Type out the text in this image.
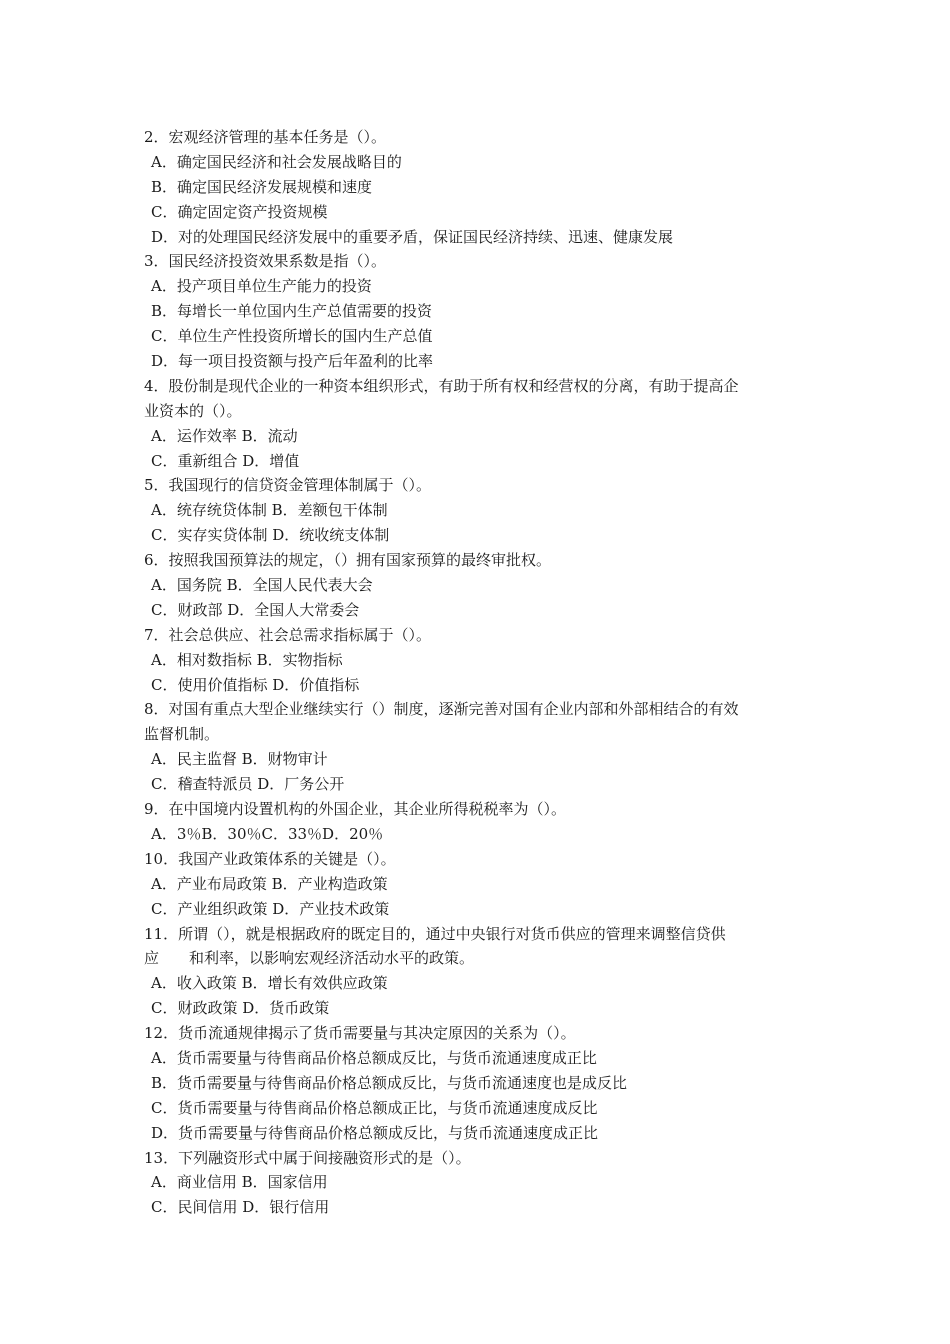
2．宏观经济管理的基本任务是（）。
A．确定国民经济和社会发展战略目的
B．确定国民经济发展规模和速度
C．确定固定资产投资规模
D．对的处理国民经济发展中的重要矛盾，保证国民经济持续、迅速、健康发展
3．国民经济投资效果系数是指（）。
A．投产项目单位生产能力的投资
B．每增长一单位国内生产总值需要的投资
C．单位生产性投资所增长的国内生产总值
D．每一项目投资额与投产后年盈利的比率
4．股份制是现代企业的一种资本组织形式，有助于所有权和经营权的分离，有助于提高企
业资本的（）。
A．运作效率 B．流动
C．重新组合 D．增值
5．我国现行的信贷资金管理体制属于（）。
A．统存统贷体制 B．差额包干体制
C．实存实贷体制 D．统收统支体制
6．按照我国预算法的规定，（）拥有国家预算的最终审批权。
A．国务院 B．全国人民代表大会
C．财政部 D．全国人大常委会
7．社会总供应、社会总需求指标属于（）。
A．相对数指标 B．实物指标
C．使用价值指标 D．价值指标
8．对国有重点大型企业继续实行（）制度，逐渐完善对国有企业内部和外部相结合的有效
监督机制。
A．民主监督 B．财物审计
C．稽查特派员 D．厂务公开
9．在中国境内设置机构的外国企业，其企业所得税税率为（）。
A．3％B．30％C．33％D．20％
10．我国产业政策体系的关键是（）。
A．产业布局政策 B．产业构造政策
C．产业组织政策 D．产业技术政策
11．所谓（），就是根据政府的既定目的，通过中央银行对货币供应的管理来调整信贷供
应　　和利率，以影响宏观经济活动水平的政策。
A．收入政策 B．增长有效供应政策
C．财政政策 D．货币政策
12．货币流通规律揭示了货币需要量与其决定原因的关系为（）。
A．货币需要量与待售商品价格总额成反比，与货币流通速度成正比
B．货币需要量与待售商品价格总额成反比，与货币流通速度也是成反比
C．货币需要量与待售商品价格总额成正比，与货币流通速度成反比
D．货币需要量与待售商品价格总额成反比，与货币流通速度成正比
13．下列融资形式中属于间接融资形式的是（）。
A．商业信用 B．国家信用
C．民间信用 D．银行信用
